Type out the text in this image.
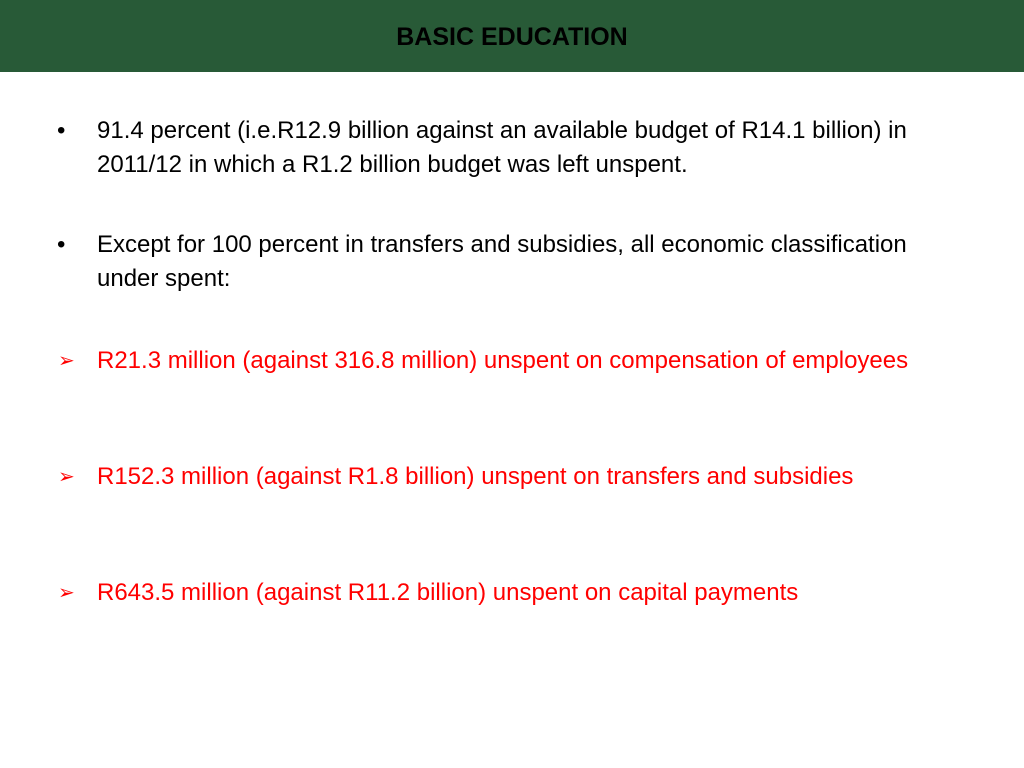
BASIC EDUCATION
• 91.4 percent (i.e.R12.9 billion against an available budget of R14.1 billion) in 2011/12 in which a R1.2 billion budget was left unspent.
• Except for 100 percent in transfers and subsidies, all economic classification under spent:
➢ R21.3 million (against 316.8 million) unspent on compensation of employees
➢ R152.3 million (against R1.8 billion) unspent on transfers and subsidies
➢ R643.5 million (against R11.2 billion) unspent on capital payments
